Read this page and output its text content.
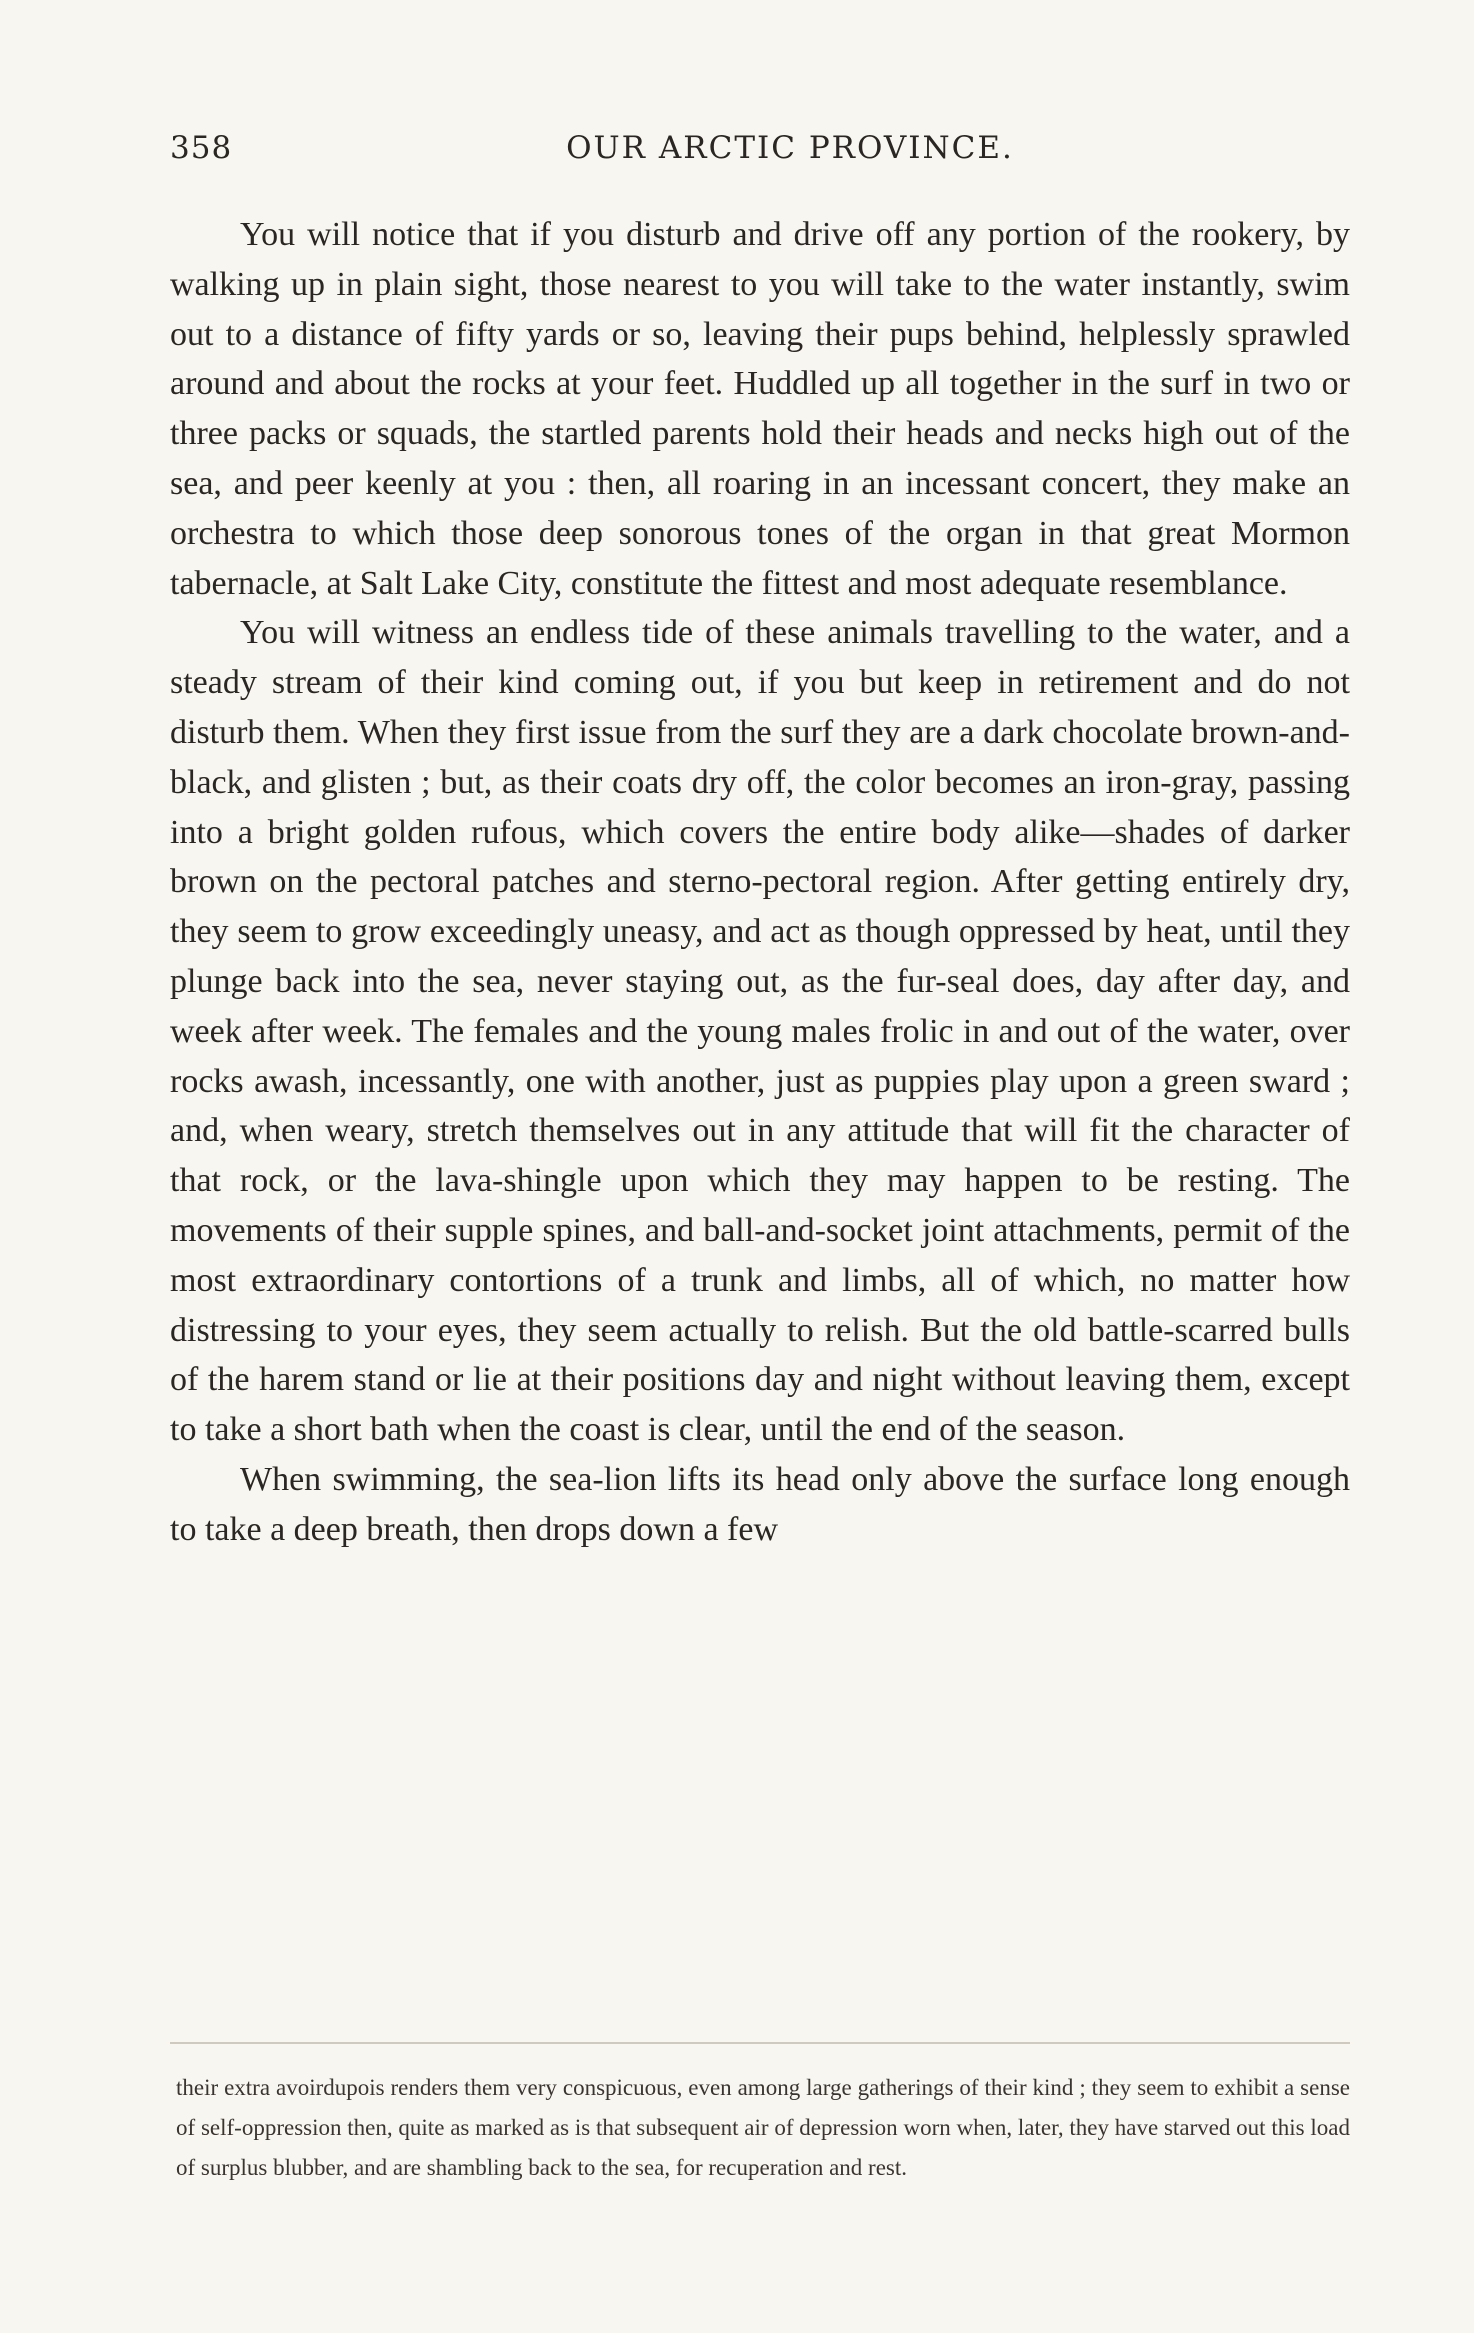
358	OUR ARCTIC PROVINCE.

You will notice that if you disturb and drive off any portion of the rookery, by walking up in plain sight, those nearest to you will take to the water instantly, swim out to a distance of fifty yards or so, leaving their pups behind, helplessly sprawled around and about the rocks at your feet. Huddled up all together in the surf in two or three packs or squads, the startled parents hold their heads and necks high out of the sea, and peer keenly at you : then, all roaring in an incessant concert, they make an orchestra to which those deep sonorous tones of the organ in that great Mormon tabernacle, at Salt Lake City, constitute the fittest and most adequate resemblance.

You will witness an endless tide of these animals travelling to the water, and a steady stream of their kind coming out, if you but keep in retirement and do not disturb them. When they first issue from the surf they are a dark chocolate brown-and-black, and glisten ; but, as their coats dry off, the color becomes an iron-gray, passing into a bright golden rufous, which covers the entire body alike—shades of darker brown on the pectoral patches and sterno-pectoral region. After getting entirely dry, they seem to grow exceedingly uneasy, and act as though oppressed by heat, until they plunge back into the sea, never staying out, as the fur-seal does, day after day, and week after week. The females and the young males frolic in and out of the water, over rocks awash, incessantly, one with another, just as puppies play upon a green sward ; and, when weary, stretch themselves out in any attitude that will fit the character of that rock, or the lava-shingle upon which they may happen to be resting. The movements of their supple spines, and ball-and-socket joint attachments, permit of the most extraordinary contortions of a trunk and limbs, all of which, no matter how distressing to your eyes, they seem actually to relish. But the old battle-scarred bulls of the harem stand or lie at their positions day and night without leaving them, except to take a short bath when the coast is clear, until the end of the season.

When swimming, the sea-lion lifts its head only above the surface long enough to take a deep breath, then drops down a few

their extra avoirdupois renders them very conspicuous, even among large gatherings of their kind ; they seem to exhibit a sense of self-oppression then, quite as marked as is that subsequent air of depression worn when, later, they have starved out this load of surplus blubber, and are shambling back to the sea, for recuperation and rest.
